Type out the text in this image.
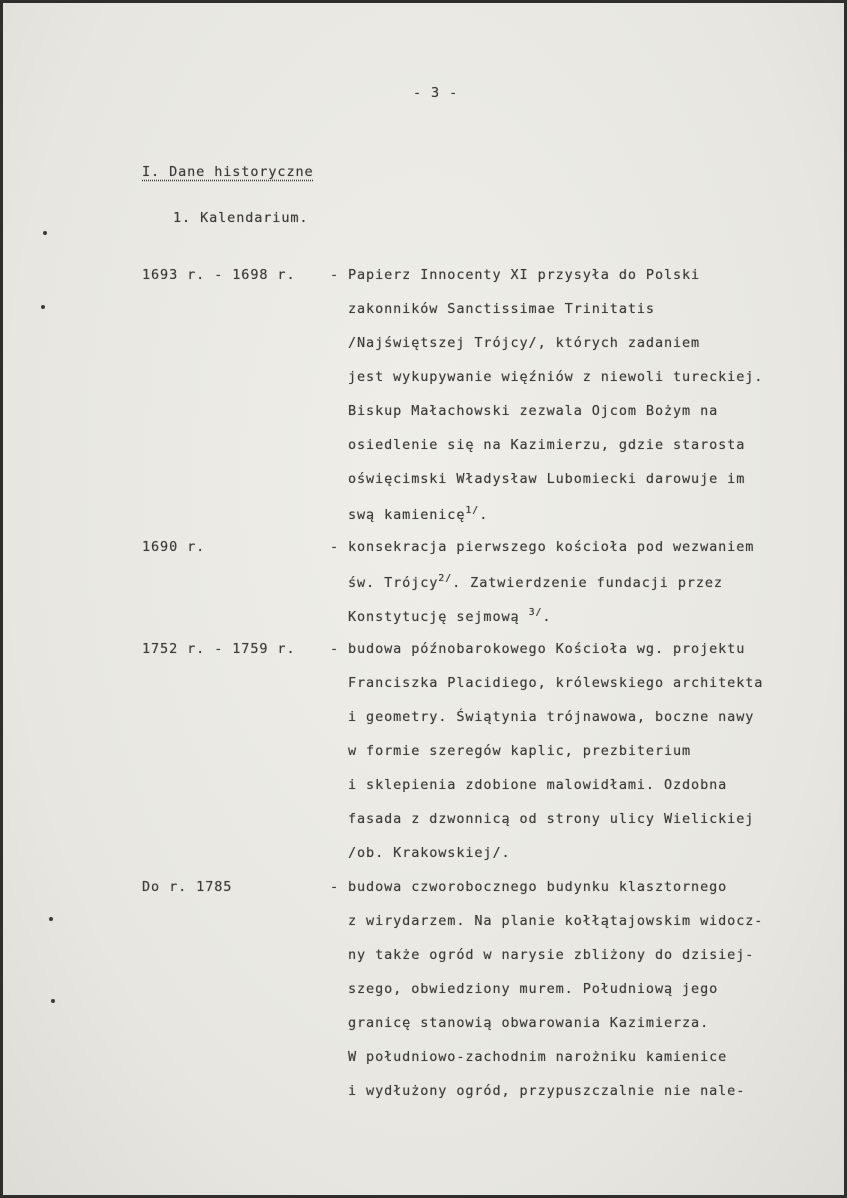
- 3 -
I. Dane historyczne
1. Kalendarium.
1693 r. - 1698 r.	- Papierz Innocenty XI przysyła do Polski
zakonników Sanctissimae Trinitatis
/Najświętszej Trójcy/, których zadaniem
jest wykupywanie więźniów z niewoli tureckiej.
Biskup Małachowski zezwala Ojcom Bożym na
osiedlenie się na Kazimierzu, gdzie starosta
oświęcimski Władysław Lubomiecki darowuje im
swą kamienicę$^{1/}$.
1690 r.	- konsekracja pierwszego kościoła pod wezwaniem
św. Trójcy$^{2/}$. Zatwierdzenie fundacji przez
Konstytucję sejmową $^{3/}$.
1752 r. - 1759 r.	- budowa późnobarokowego Kościoła wg. projektu
Franciszka Placidiego, królewskiego architekta
i geometry. Świątynia trójnawowa, boczne nawy
w formie szeregów kaplic, prezbiterium
i sklepienia zdobione malowidłami. Ozdobna
fasada z dzwonnicą od strony ulicy Wielickiej
/ob. Krakowskiej/.
Do r. 1785	- budowa czworobocznego budynku klasztornego
z wirydarzem. Na planie kołłątajowskim widocz-
ny także ogród w narysie zbliżony do dzisiej-
szego, obwiedziony murem. Południową jego
granicę stanowią obwarowania Kazimierza.
W południowo-zachodnim narożniku kamienice
i wydłużony ogród, przypuszczalnie nie nale-
